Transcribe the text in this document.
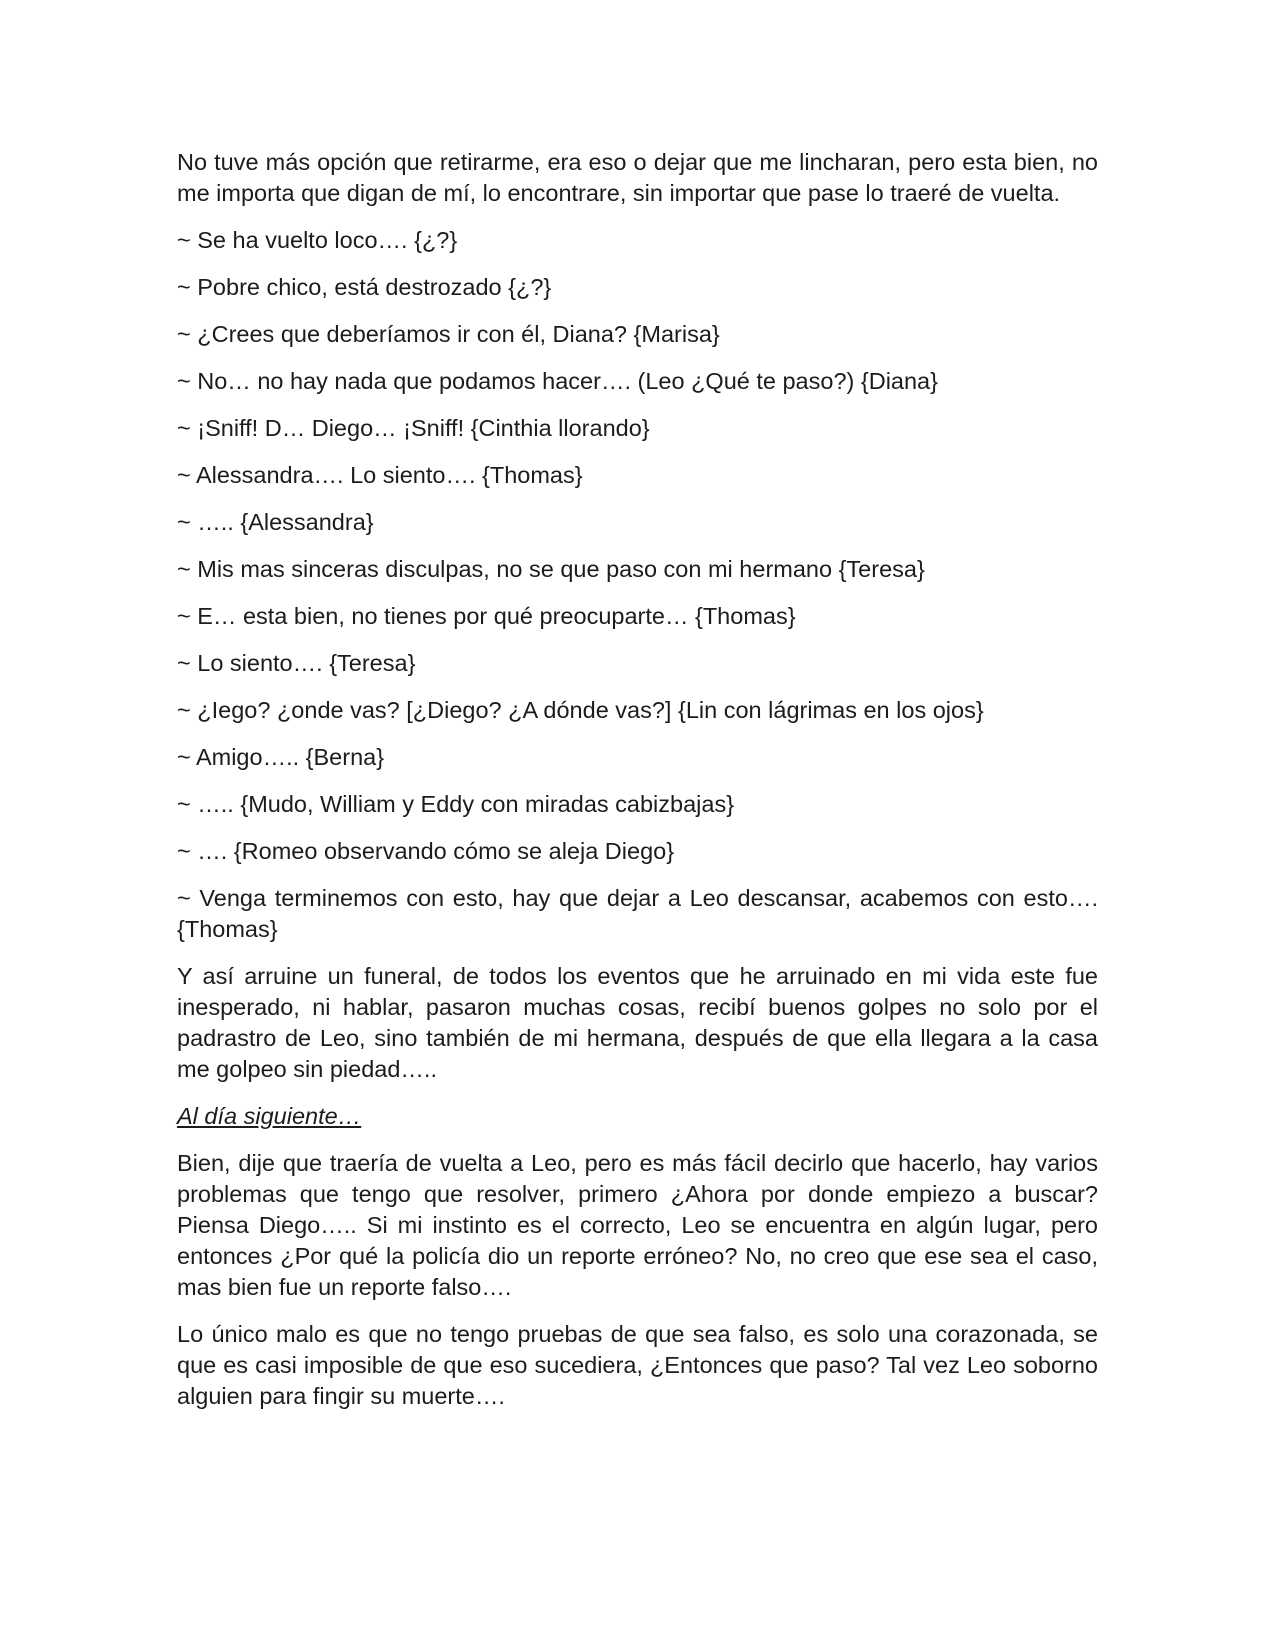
No tuve más opción que retirarme, era eso o dejar que me lincharan, pero esta bien, no me importa que digan de mí, lo encontrare, sin importar que pase lo traeré de vuelta.

~ Se ha vuelto loco…. {¿?}
~ Pobre chico, está destrozado {¿?}
~ ¿Crees que deberíamos ir con él, Diana? {Marisa}
~ No… no hay nada que podamos hacer…. (Leo ¿Qué te paso?) {Diana}
~ ¡Sniff! D… Diego… ¡Sniff! {Cinthia llorando}
~ Alessandra…. Lo siento…. {Thomas}
~ ….. {Alessandra}
~ Mis mas sinceras disculpas, no se que paso con mi hermano {Teresa}
~ E… esta bien, no tienes por qué preocuparte… {Thomas}
~ Lo siento…. {Teresa}
~ ¿Iego? ¿onde vas? [¿Diego? ¿A dónde vas?] {Lin con lágrimas en los ojos}
~ Amigo….. {Berna}
~ ….. {Mudo, William y Eddy con miradas cabizbajas}
~ …. {Romeo observando cómo se aleja Diego}

~ Venga terminemos con esto, hay que dejar a Leo descansar, acabemos con esto…. {Thomas}

Y así arruine un funeral, de todos los eventos que he arruinado en mi vida este fue inesperado, ni hablar, pasaron muchas cosas, recibí buenos golpes no solo por el padrastro de Leo, sino también de mi hermana, después de que ella llegara a la casa me golpeo sin piedad…..

Al día siguiente…

Bien, dije que traería de vuelta a Leo, pero es más fácil decirlo que hacerlo, hay varios problemas que tengo que resolver, primero ¿Ahora por donde empiezo a buscar? Piensa Diego….. Si mi instinto es el correcto, Leo se encuentra en algún lugar, pero entonces ¿Por qué la policía dio un reporte erróneo? No, no creo que ese sea el caso, mas bien fue un reporte falso….

Lo único malo es que no tengo pruebas de que sea falso, es solo una corazonada, se que es casi imposible de que eso sucediera, ¿Entonces que paso? Tal vez Leo soborno alguien para fingir su muerte….
